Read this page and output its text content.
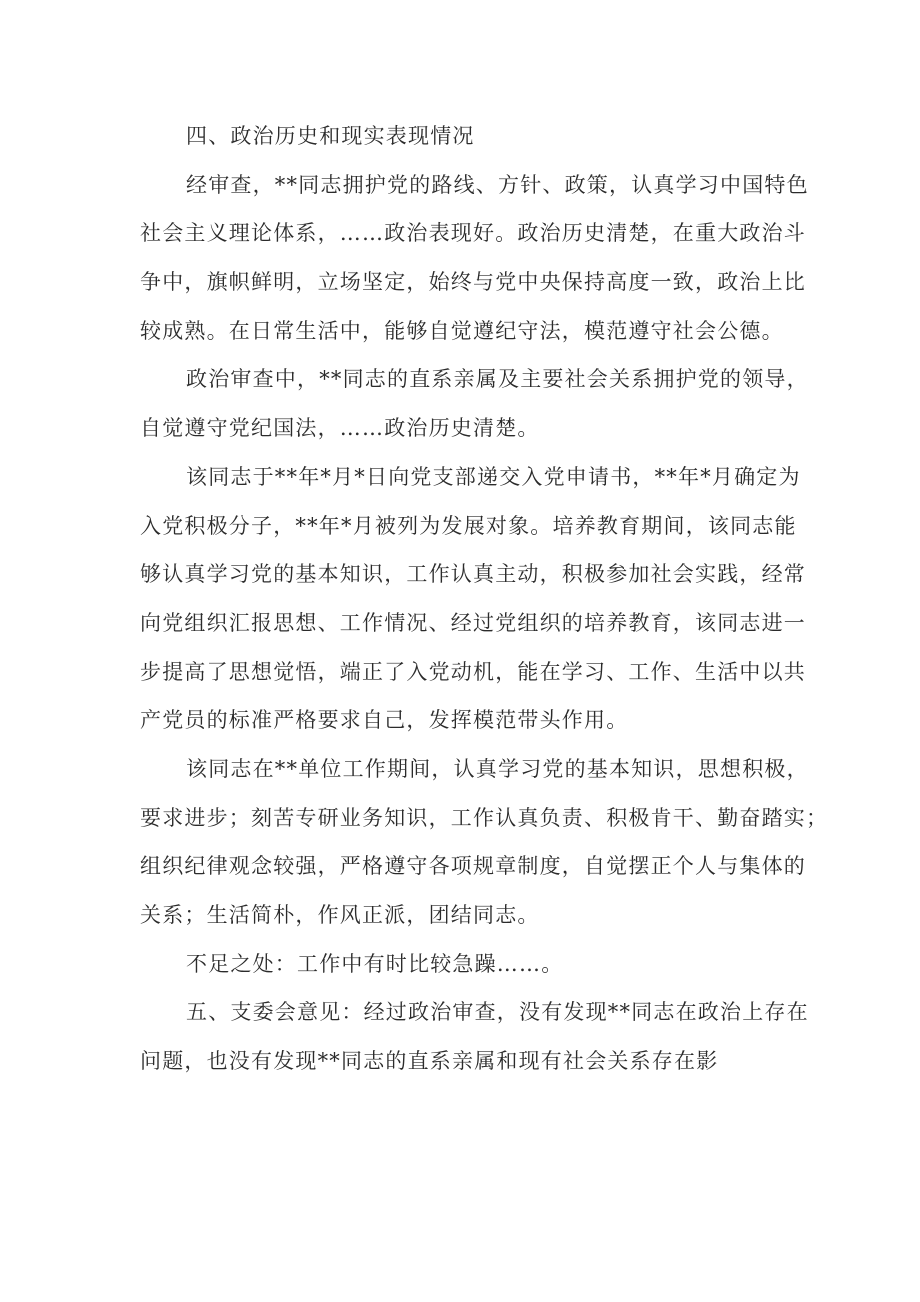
四、政治历史和现实表现情况
经审查，**同志拥护党的路线、方针、政策，认真学习中国特色
社会主义理论体系，……政治表现好。政治历史清楚，在重大政治斗
争中，旗帜鲜明，立场坚定，始终与党中央保持高度一致，政治上比
较成熟。在日常生活中，能够自觉遵纪守法，模范遵守社会公德。
政治审查中，**同志的直系亲属及主要社会关系拥护党的领导，
自觉遵守党纪国法，……政治历史清楚。
该同志于**年*月*日向党支部递交入党申请书，**年*月确定为
入党积极分子，**年*月被列为发展对象。培养教育期间，该同志能
够认真学习党的基本知识，工作认真主动，积极参加社会实践，经常
向党组织汇报思想、工作情况、经过党组织的培养教育，该同志进一
步提高了思想觉悟，端正了入党动机，能在学习、工作、生活中以共
产党员的标准严格要求自己，发挥模范带头作用。
该同志在**单位工作期间，认真学习党的基本知识，思想积极，
要求进步；刻苦专研业务知识，工作认真负责、积极肯干、勤奋踏实；
组织纪律观念较强，严格遵守各项规章制度，自觉摆正个人与集体的
关系；生活简朴，作风正派，团结同志。
不足之处：工作中有时比较急躁……。
五、支委会意见：经过政治审查，没有发现**同志在政治上存在
问题，也没有发现**同志的直系亲属和现有社会关系存在影
